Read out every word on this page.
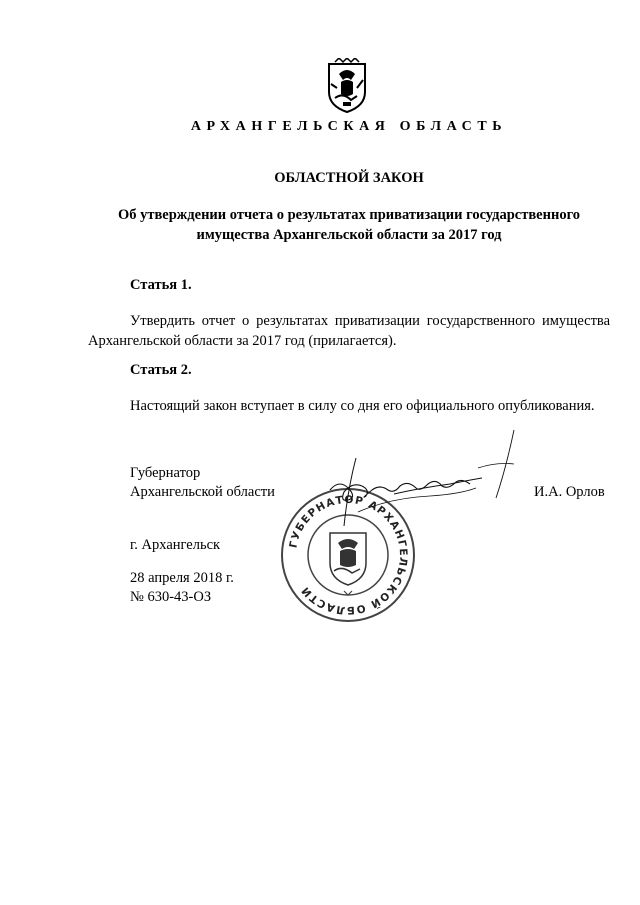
АРХАНГЕЛЬСКАЯ ОБЛАСТЬ
ОБЛАСТНОЙ ЗАКОН
Об утверждении отчета о результатах приватизации государственного
имущества Архангельской области за 2017 год
Статья 1.
Утвердить отчет о результатах приватизации государственного имущества Архангельской области за 2017 год (прилагается).
Статья 2.
Настоящий закон вступает в силу со дня его официального опубликования.
Губернатор
Архангельской области	И.А. Орлов
ГУБЕРНАТОР АРХАНГЕЛЬСКОЙ ОБЛАСТИ
г. Архангельск
28 апреля 2018 г.
№ 630-43-ОЗ
